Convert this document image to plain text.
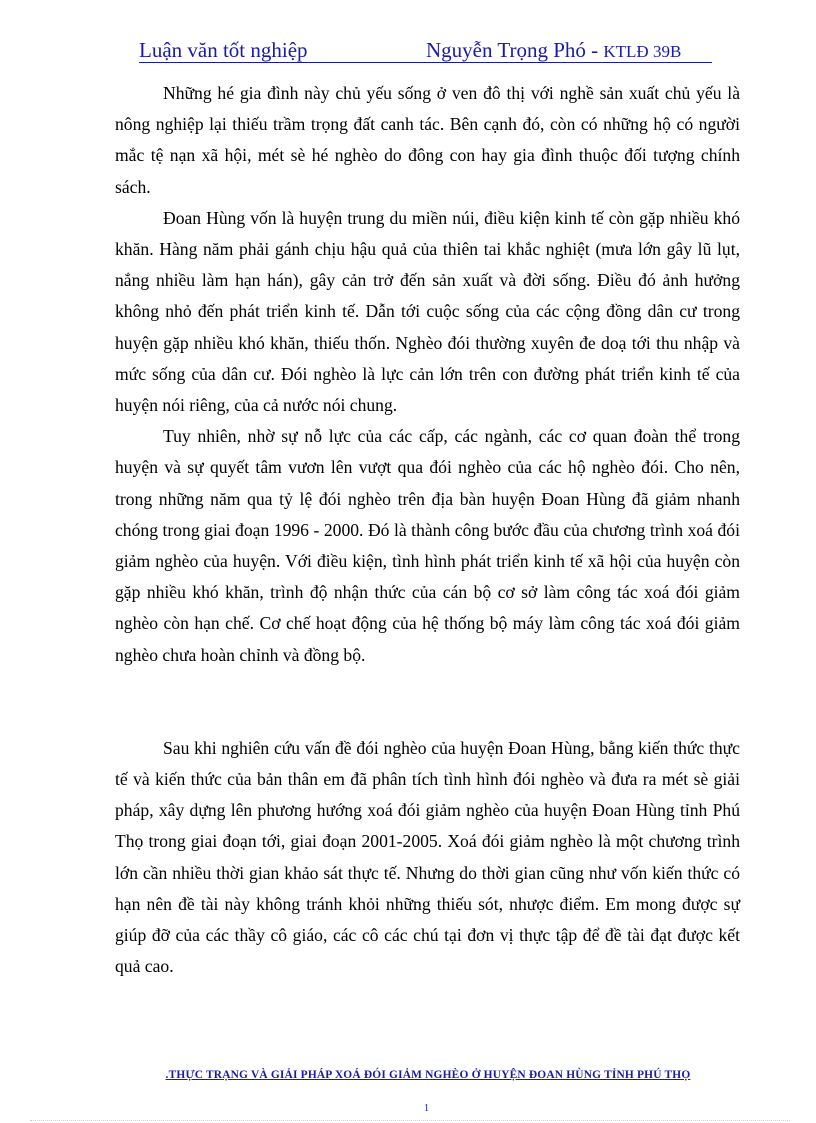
Luận văn tốt nghiệp	Nguyễn Trọng Phó - KTLĐ 39B

Những hé gia đình này chủ yếu sống ở ven đô thị với nghề sản xuất chủ yếu là nông nghiệp lại thiếu trầm trọng đất canh tác. Bên cạnh đó, còn có những hộ có người mắc tệ nạn xã hội, mét sè hé nghèo do đông con hay gia đình thuộc đối tượng chính sách.

Đoan Hùng vốn là huyện trung du miền núi, điều kiện kinh tế còn gặp nhiều khó khăn. Hàng năm phải gánh chịu hậu quả của thiên tai khắc nghiệt (mưa lớn gây lũ lụt, nắng nhiều làm hạn hán), gây cản trở đến sản xuất và đời sống. Điều đó ảnh hưởng không nhỏ đến phát triển kinh tế. Dẫn tới cuộc sống của các cộng đồng dân cư trong huyện gặp nhiều khó khăn, thiếu thốn. Nghèo đói thường xuyên đe doạ tới thu nhập và mức sống của dân cư. Đói nghèo là lực cản lớn trên con đường phát triển kinh tế của huyện nói riêng, của cả nước nói chung.

Tuy nhiên, nhờ sự nỗ lực của các cấp, các ngành, các cơ quan đoàn thể trong huyện và sự quyết tâm vươn lên vượt qua đói nghèo của các hộ nghèo đói. Cho nên, trong những năm qua tỷ lệ đói nghèo trên địa bàn huyện Đoan Hùng đã giảm nhanh chóng trong giai đoạn 1996 - 2000. Đó là thành công bước đầu của chương trình xoá đói giảm nghèo của huyện. Với điều kiện, tình hình phát triển kinh tế xã hội của huyện còn gặp nhiều khó khăn, trình độ nhận thức của cán bộ cơ sở làm công tác xoá đói giảm nghèo còn hạn chế. Cơ chế hoạt động của hệ thống bộ máy làm công tác xoá đói giảm nghèo chưa hoàn chỉnh và đồng bộ.

Sau khi nghiên cứu vấn đề đói nghèo của huyện Đoan Hùng, bằng kiến thức thực tế và kiến thức của bản thân em đã phân tích tình hình đói nghèo và đưa ra mét sè giải pháp, xây dựng lên phương hướng xoá đói giảm nghèo của huyện Đoan Hùng tỉnh Phú Thọ trong giai đoạn tới, giai đoạn 2001-2005. Xoá đói giảm nghèo là một chương trình lớn cần nhiều thời gian khảo sát thực tế. Nhưng do thời gian cũng như vốn kiến thức có hạn nên đề tài này không tránh khỏi những thiếu sót, nhược điểm. Em mong được sự giúp đỡ của các thầy cô giáo, các cô các chú tại đơn vị thực tập để đề tài đạt được kết quả cao.

.THỰC TRẠNG VÀ GIẢI PHÁP XOÁ ĐÓI GIẢM NGHÈO Ở HUYỆN ĐOAN HÙNG TỈNH PHÚ THỌ
1
